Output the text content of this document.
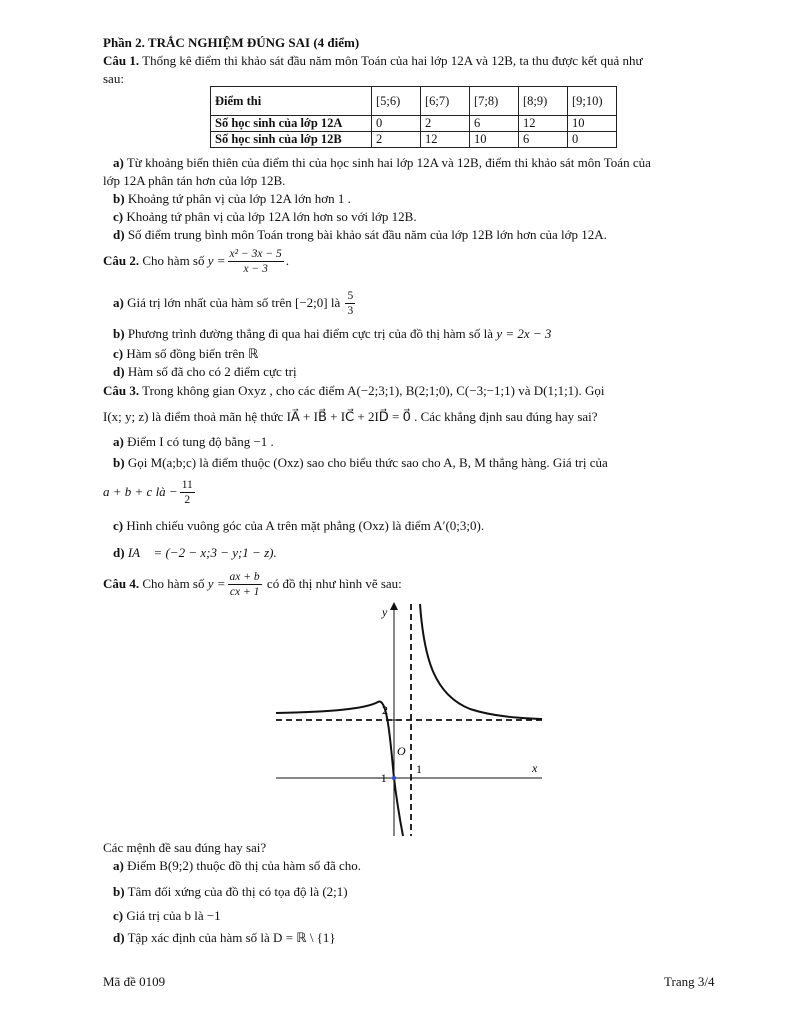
Phần 2. TRẮC NGHIỆM ĐÚNG SAI (4 điểm)
Câu 1. Thống kê điểm thi khảo sát đầu năm môn Toán của hai lớp 12A và 12B, ta thu được kết quả như
sau:
Điểm thi	[5;6)	[6;7)	[7;8)	[8;9)	[9;10)
Số học sinh của lớp 12A	0	2	6	12	10
Số học sinh của lớp 12B	2	12	10	6	0
a) Từ khoảng biến thiên của điểm thi của học sinh hai lớp 12A và 12B, điểm thi khảo sát môn Toán của
lớp 12A phân tán hơn của lớp 12B.
b) Khoảng tứ phân vị của lớp 12A lớn hơn 1 .
c) Khoảng tứ phân vị của lớp 12A lớn hơn so với lớp 12B.
d) Số điểm trung bình môn Toán trong bài khảo sát đầu năm của lớp 12B lớn hơn của lớp 12A.
Câu 2. Cho hàm số $y = \frac{\text{x² − 3x − 5}}{x - 3}$ .
a) Giá trị lớn nhất của hàm số trên [−2;0] là $\frac{5}{3}$
b) Phương trình đường thẳng đi qua hai điểm cực trị của đồ thị hàm số là y = 2x − 3
c) Hàm số đồng biến trên ℝ
d) Hàm số đã cho có 2 điểm cực trị
Câu 3. Trong không gian Oxyz , cho các điểm A(−2;3;1), B(2;1;0), C(−3;−1;1) và D(1;1;1). Gọi
I(x; y; z) là điểm thoả mãn hệ thức IA⃗ + IB⃗ + IC⃗ + 2ID⃗ = 0⃗ . Các khẳng định sau đúng hay sai?
a) Điểm I có tung độ bằng −1 .
b) Gọi M(a;b;c) là điểm thuộc (Oxz) sao cho biểu thức sao cho A, B, M thẳng hàng. Giá trị của
a + b + c là − $\frac{11}{2}$
c) Hình chiếu vuông góc của A trên mặt phẳng (Oxz) là điểm A′(0;3;0).
d) IA⃗ = (−2 − x;3 − y;1 − z).
Câu 4. Cho hàm số $y = \frac{ax + b}{cx + 1}$ có đồ thị như hình vẽ sau:
y
x
O
2
1
−1
Các mệnh đề sau đúng hay sai?
a) Điểm B(9;2) thuộc đồ thị của hàm số đã cho.
b) Tâm đối xứng của đồ thị có tọa độ là (2;1)
c) Giá trị của b là −1
d) Tập xác định của hàm số là D = ℝ \ {1}
Mã đề 0109	Trang 3/4
